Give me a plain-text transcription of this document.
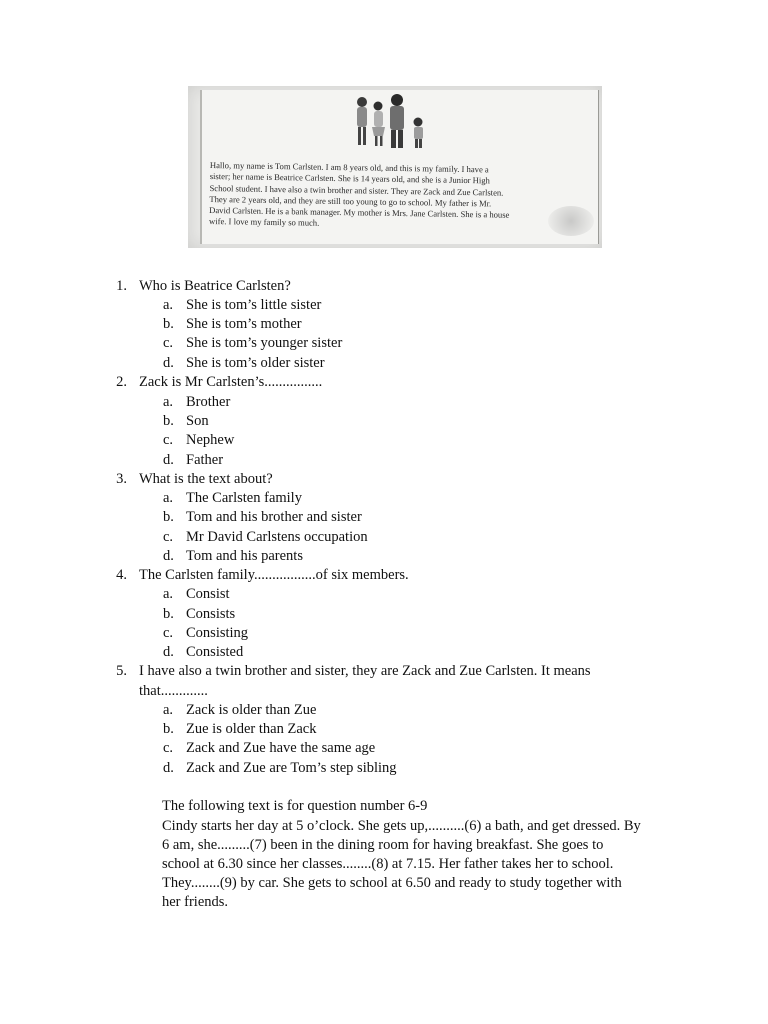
Hallo, my name is Tom Carlsten. I am 8 years old, and this is my family. I have a
sister; her name is Beatrice Carlsten. She is 14 years old, and she is a Junior High
School student. I have also a twin brother and sister. They are Zack and Zue Carlsten.
They are 2 years old, and they are still too young to go to school. My father is Mr.
David Carlsten. He is a bank manager. My mother is Mrs. Jane Carlsten. She is a house
wife. I love my family so much.
1. Who is Beatrice Carlsten?
a. She is tom’s little sister
b. She is tom’s mother
c. She is tom’s younger sister
d. She is tom’s older sister
2. Zack is Mr Carlsten’s................
a. Brother
b. Son
c. Nephew
d. Father
3. What is the text about?
a. The Carlsten family
b. Tom and his brother and sister
c. Mr David Carlstens occupation
d. Tom and his parents
4. The Carlsten family.................of six members.
a. Consist
b. Consists
c. Consisting
d. Consisted
5. I have also a twin brother and sister, they are Zack and Zue Carlsten. It means
that.............
a. Zack is older than Zue
b. Zue is older than Zack
c. Zack and Zue have the same age
d. Zack and Zue are Tom’s step sibling
The following text is for question number 6-9
Cindy starts her day at 5 o’clock. She gets up,..........(6) a bath, and get dressed. By
6 am, she.........(7) been in the dining room for having breakfast. She goes to
school at 6.30 since her classes........(8) at 7.15. Her father takes her to school.
They........(9) by car. She gets to school at 6.50 and ready to study together with
her friends.
